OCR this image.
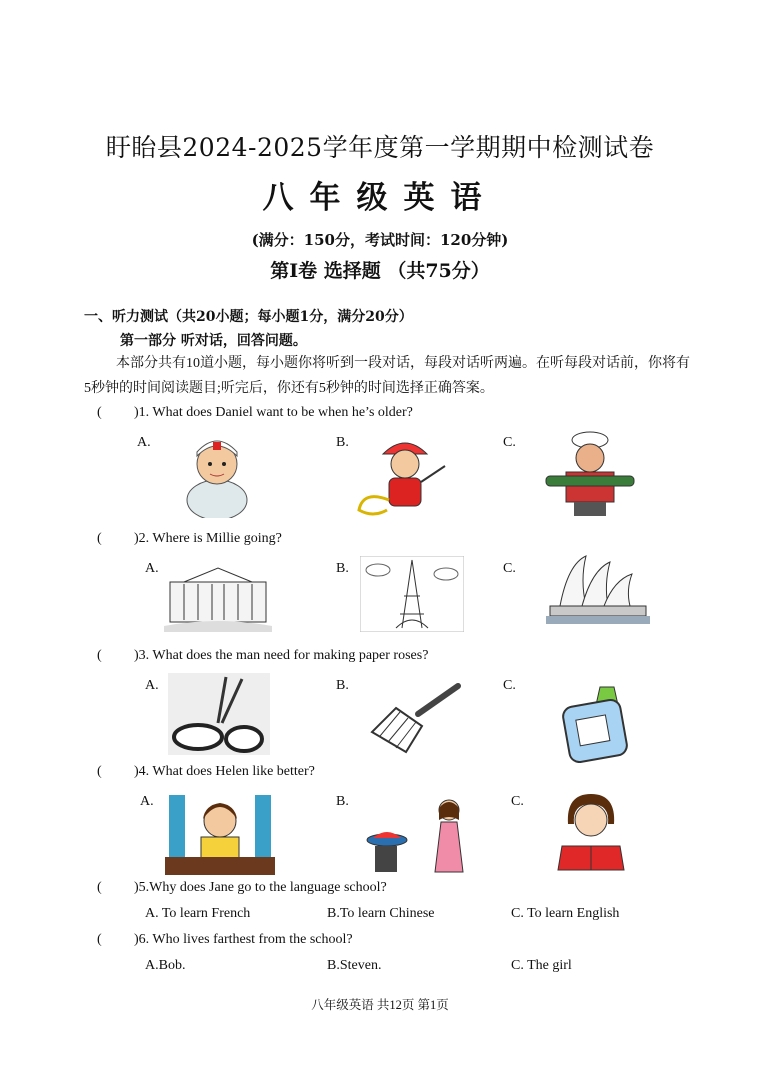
盱眙县2024-2025学年度第一学期期中检测试卷
八年级英语
(满分：150分，考试时间：120分钟)
第Ⅰ卷 选择题 （共75分）
一、听力测试（共20小题；每小题1分，满分20分）
第一部分 听对话，回答问题。
本部分共有10道小题，每小题你将听到一段对话，每段对话听两遍。在听每段对话前，你将有5秒钟的时间阅读题目;听完后，你还有5秒钟的时间选择正确答案。
( )1. What does Daniel want to be when he’s older?
A.	B.	C.
( )2. Where is Millie going?
A.	B.	C.
( )3. What does the man need for making paper roses?
A.	B.	C.
( )4. What does Helen like better?
A.	B.	C.
( )5.Why does Jane go to the language school?
A. To learn French	B.To learn Chinese	C. To learn English
( )6. Who lives farthest from the school?
A.Bob.	B.Steven.	C. The girl
八年级英语 共12页 第1页
